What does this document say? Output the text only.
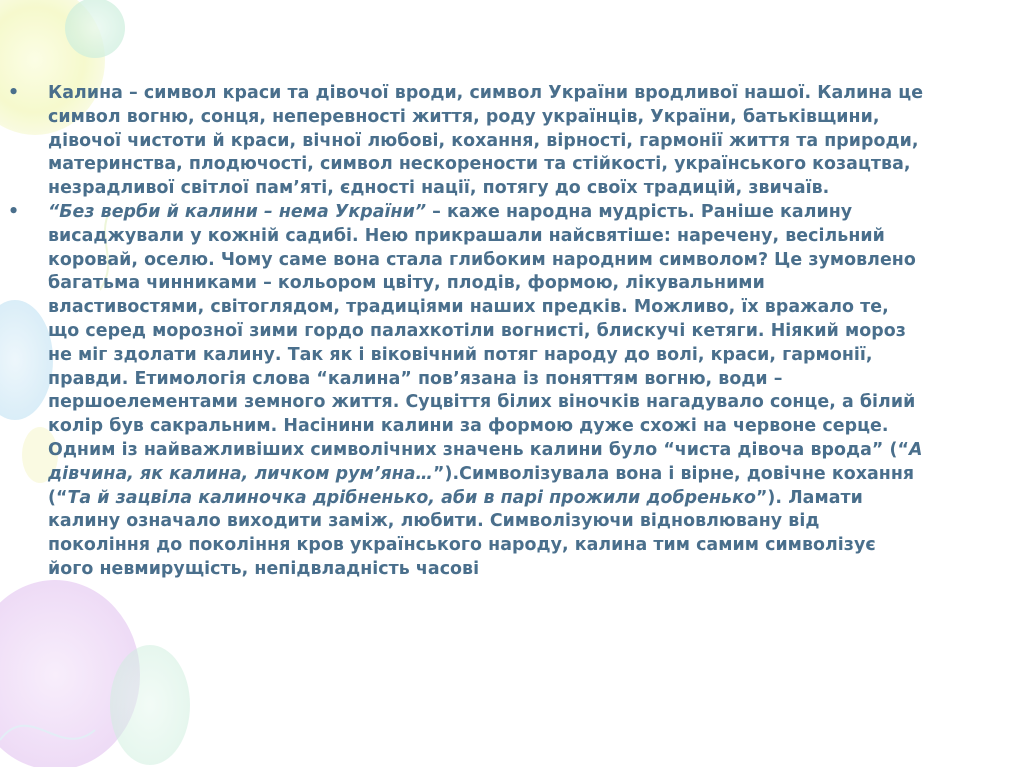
• Калина – символ краси та дівочої вроди, символ України вродливої нашої. Калина це символ вогню, сонця, неперевності життя, роду українців, України, батьківщини, дівочої чистоти й краси, вічної любові, кохання, вірності, гармонії життя та природи, материнства, плодючості, символ нескорености та стійкості, українського козацтва, незрадливої світлої пам’яті, єдності нації, потягу до своїх традицій, звичаїв.

• “Без верби й калини – нема України” – каже народна мудрість. Раніше калину висаджували у кожній садибі. Нею прикрашали найсвятіше: наречену, весільний коровай, оселю. Чому саме вона стала глибоким народним символом? Це зумовлено багатьма чинниками – кольором цвіту, плодів, формою, лікувальними властивостями, світоглядом, традиціями наших предків. Можливо, їх вражало те, що серед морозної зими гордо палахкотіли вогнисті, блискучі кетяги. Ніякий мороз не міг здолати калину. Так як і віковічний потяг народу до волі, краси, гармонії, правди. Етимологія слова “калина” пов’язана із поняттям вогню, води – першоелементами земного життя. Суцвіття білих віночків нагадувало сонце, а білий колір був сакральним. Насінини калини за формою дуже схожі на червоне серце. Одним із найважливіших символічних значень калини було “чиста дівоча врода” (“А дівчина, як калина, личком рум’яна…”).Символізувала вона і вірне, довічне кохання (“Та й зацвіла калиночка дрібненько, аби в парі прожили добренько”). Ламати калину означало виходити заміж, любити. Символізуючи відновлювану від покоління до покоління кров українського народу, калина тим самим символізує його невмирущість, непідвладність часові
